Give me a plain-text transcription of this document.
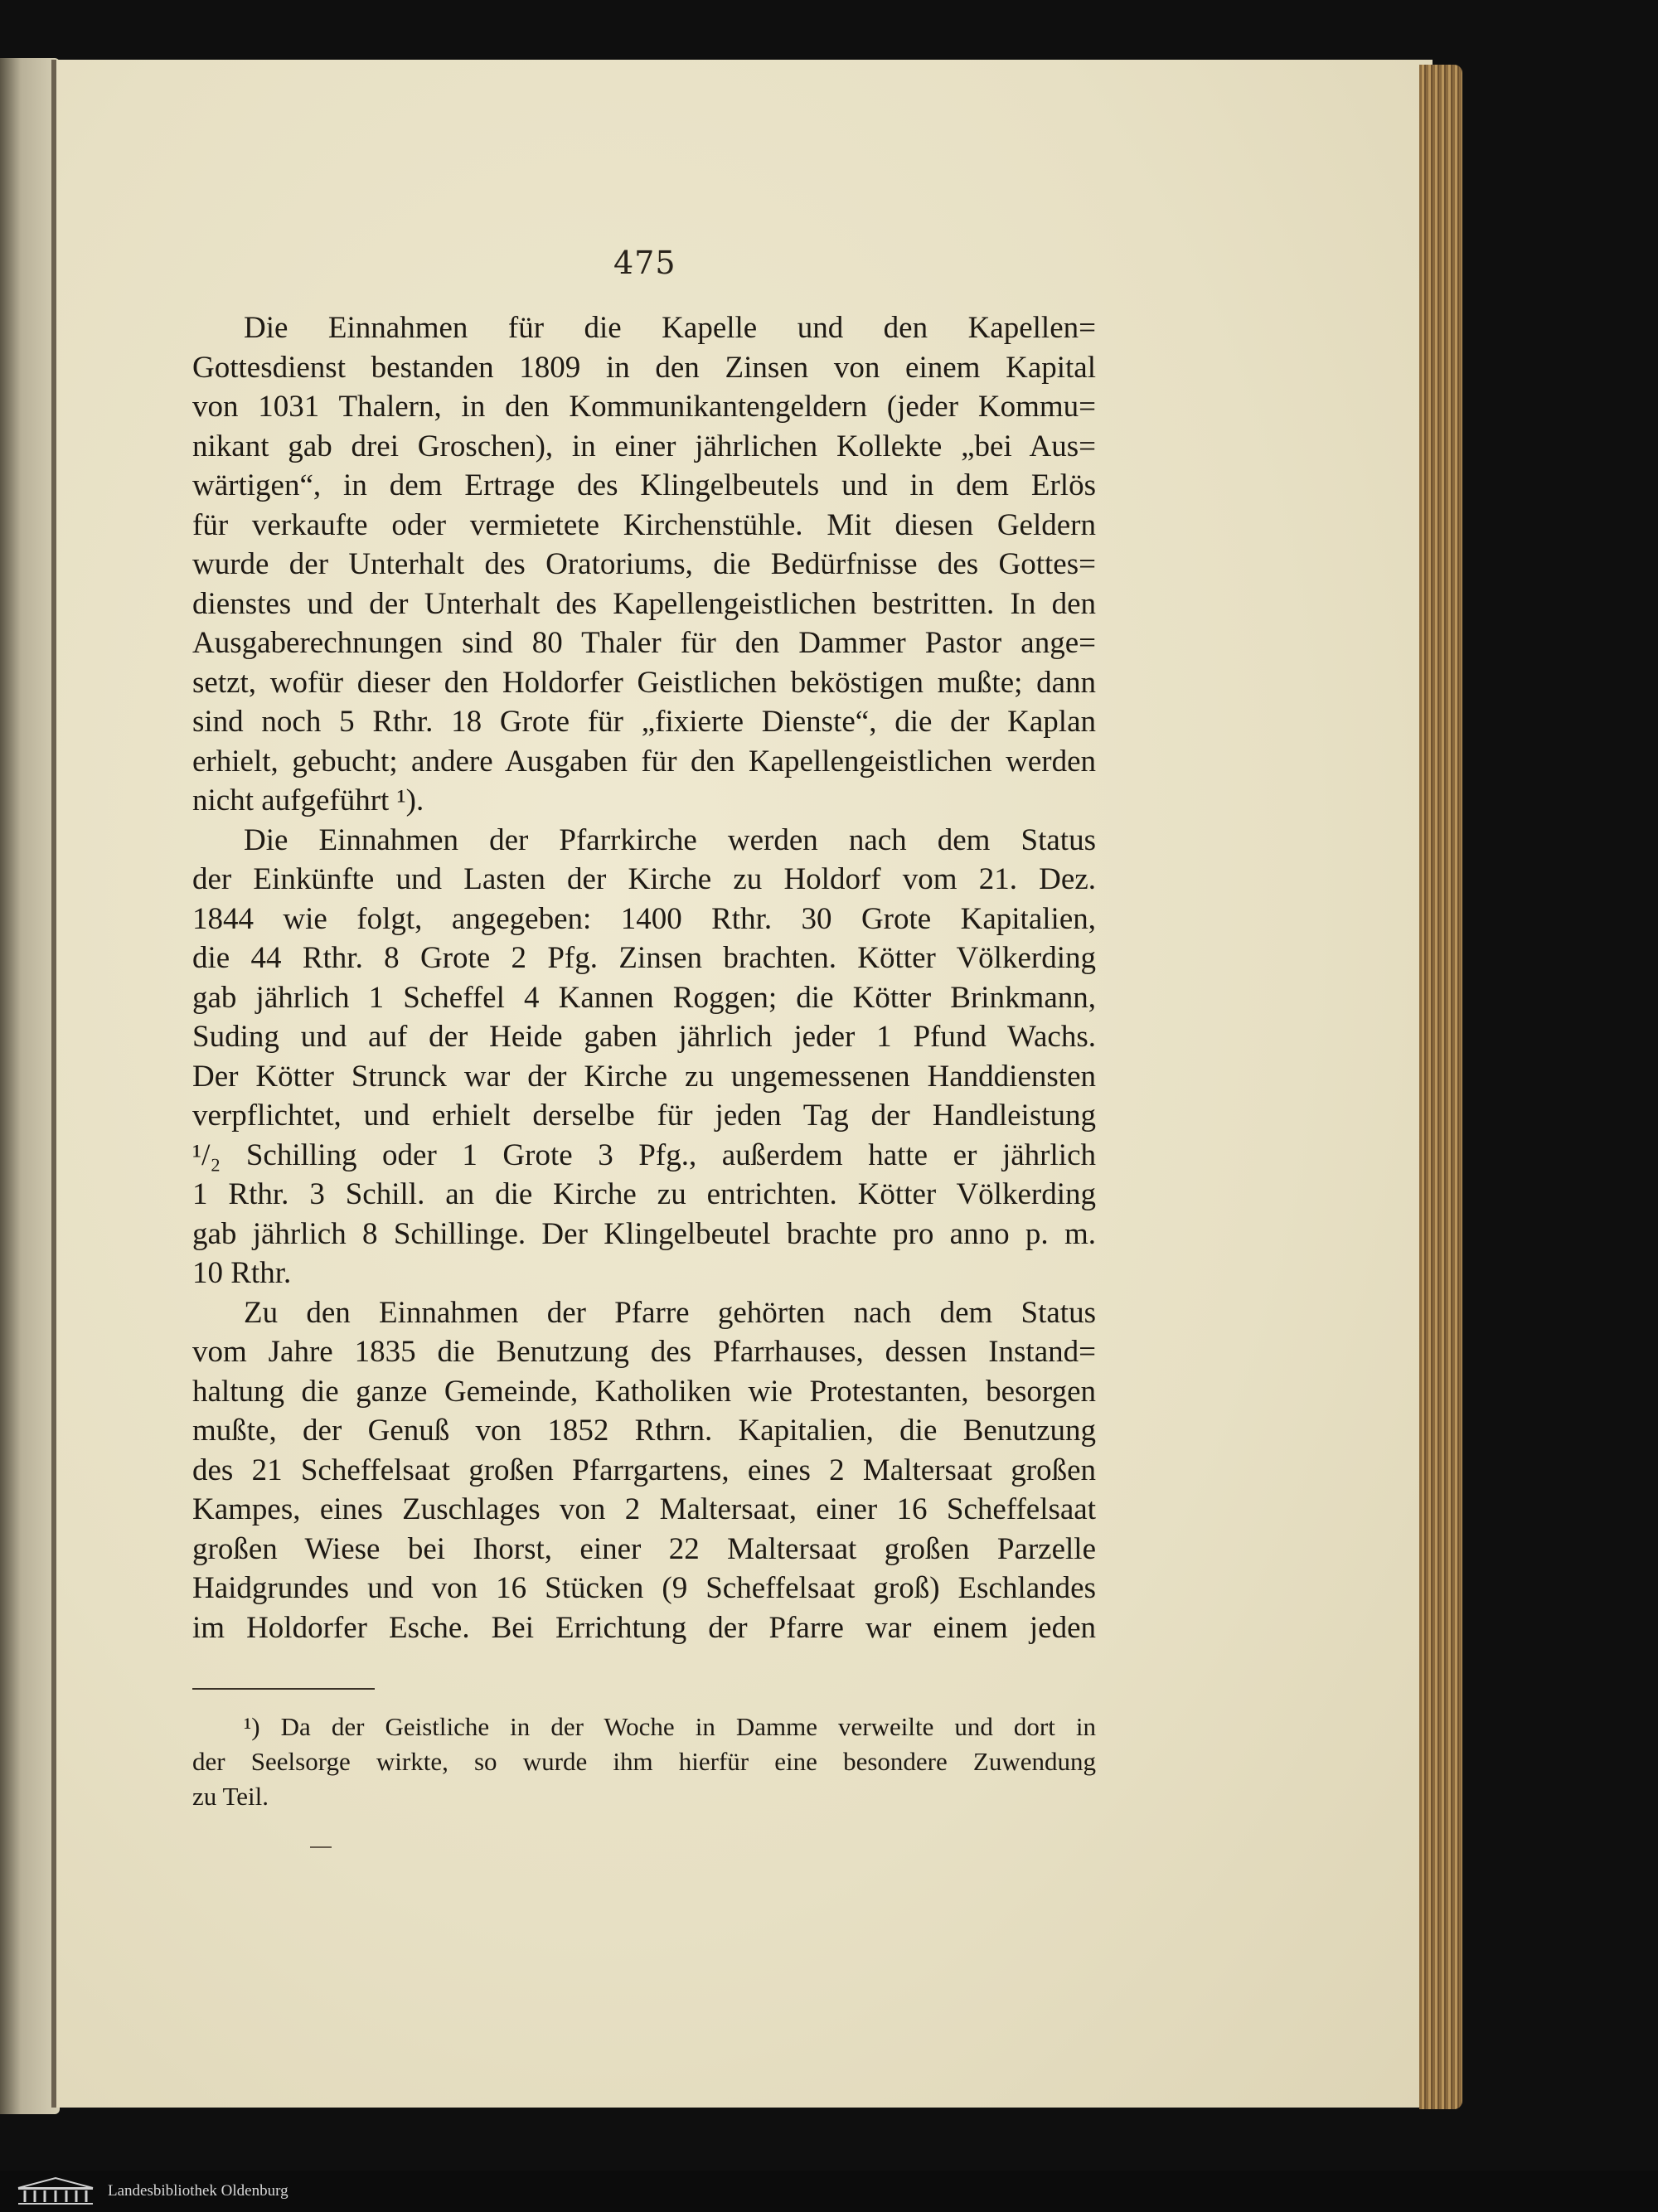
475
Die Einnahmen für die Kapelle und den Kapellen=
Gottesdienst bestanden 1809 in den Zinsen von einem Kapital
von 1031 Thalern, in den Kommunikantengeldern (jeder Kommu=
nikant gab drei Groschen), in einer jährlichen Kollekte „bei Aus=
wärtigen“, in dem Ertrage des Klingelbeutels und in dem Erlös
für verkaufte oder vermietete Kirchenstühle. Mit diesen Geldern
wurde der Unterhalt des Oratoriums, die Bedürfnisse des Gottes=
dienstes und der Unterhalt des Kapellengeistlichen bestritten. In den
Ausgaberechnungen sind 80 Thaler für den Dammer Pastor ange=
setzt, wofür dieser den Holdorfer Geistlichen beköstigen mußte; dann
sind noch 5 Rthr. 18 Grote für „fixierte Dienste“, die der Kaplan
erhielt, gebucht; andere Ausgaben für den Kapellengeistlichen werden
nicht aufgeführt ¹).
Die Einnahmen der Pfarrkirche werden nach dem Status
der Einkünfte und Lasten der Kirche zu Holdorf vom 21. Dez.
1844 wie folgt, angegeben: 1400 Rthr. 30 Grote Kapitalien,
die 44 Rthr. 8 Grote 2 Pfg. Zinsen brachten. Kötter Völkerding
gab jährlich 1 Scheffel 4 Kannen Roggen; die Kötter Brinkmann,
Suding und auf der Heide gaben jährlich jeder 1 Pfund Wachs.
Der Kötter Strunck war der Kirche zu ungemessenen Handdiensten
verpflichtet, und erhielt derselbe für jeden Tag der Handleistung
¹/₂ Schilling oder 1 Grote 3 Pfg., außerdem hatte er jährlich
1 Rthr. 3 Schill. an die Kirche zu entrichten. Kötter Völkerding
gab jährlich 8 Schillinge. Der Klingelbeutel brachte pro anno p. m.
10 Rthr.
Zu den Einnahmen der Pfarre gehörten nach dem Status
vom Jahre 1835 die Benutzung des Pfarrhauses, dessen Instand=
haltung die ganze Gemeinde, Katholiken wie Protestanten, besorgen
mußte, der Genuß von 1852 Rthrn. Kapitalien, die Benutzung
des 21 Scheffelsaat großen Pfarrgartens, eines 2 Maltersaat großen
Kampes, eines Zuschlages von 2 Maltersaat, einer 16 Scheffelsaat
großen Wiese bei Ihorst, einer 22 Maltersaat großen Parzelle
Haidgrundes und von 16 Stücken (9 Scheffelsaat groß) Eschlandes
im Holdorfer Esche. Bei Errichtung der Pfarre war einem jeden
¹) Da der Geistliche in der Woche in Damme verweilte und dort in
der Seelsorge wirkte, so wurde ihm hierfür eine besondere Zuwendung
zu Teil.
Landesbibliothek Oldenburg
